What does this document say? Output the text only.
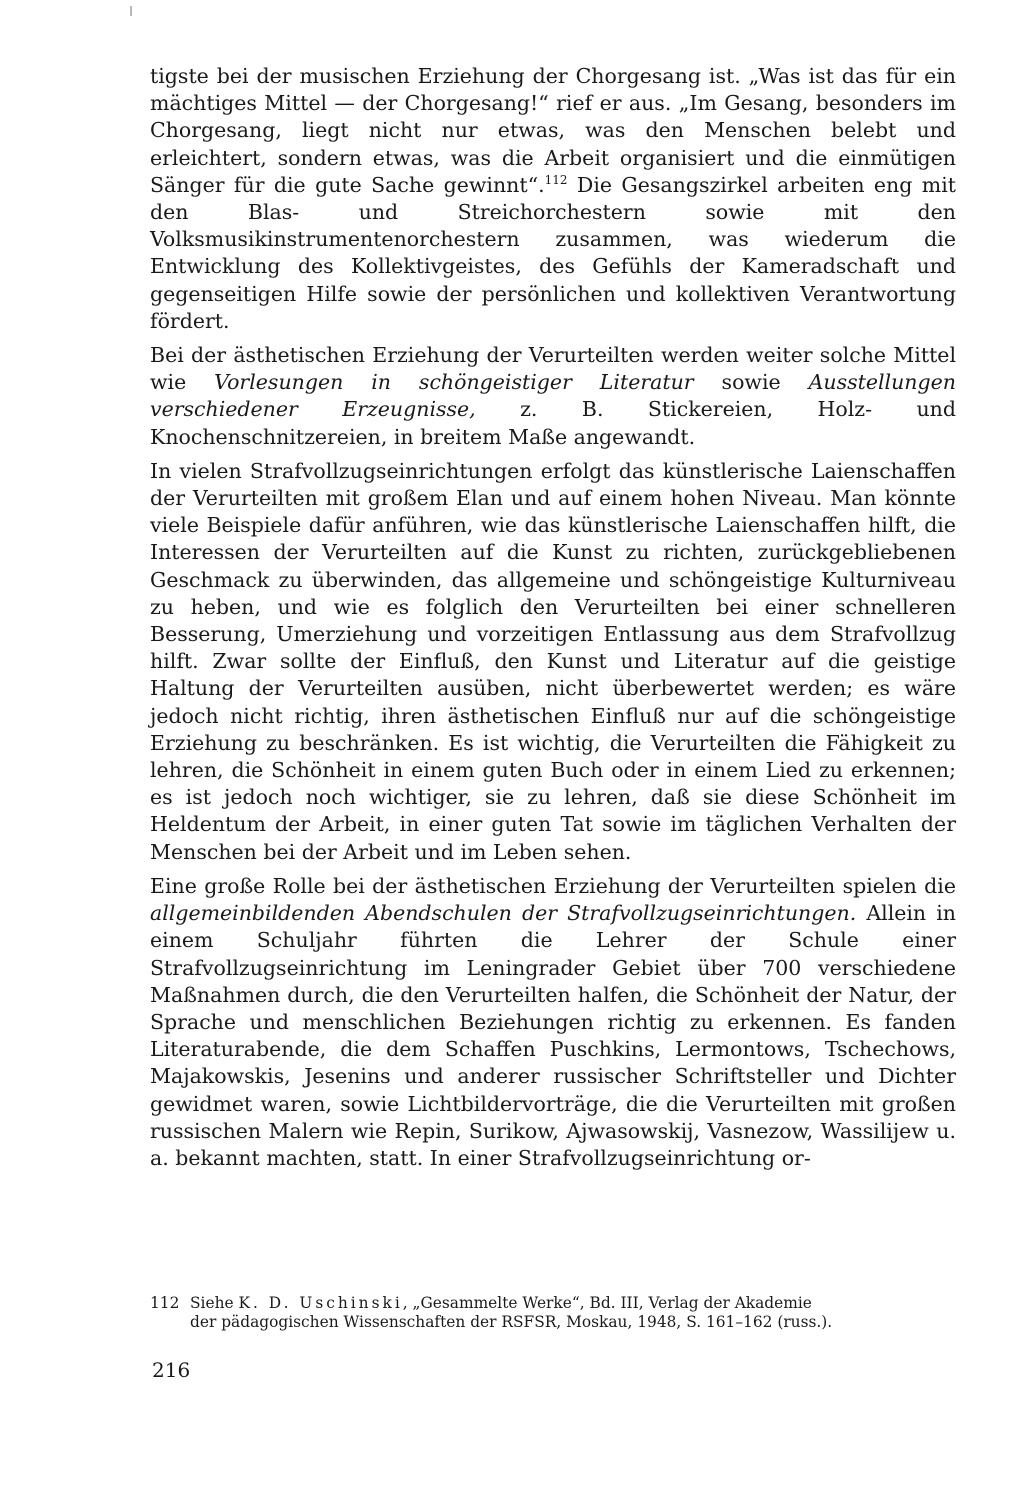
tigste bei der musischen Erziehung der Chorgesang ist. „Was ist das für ein mächtiges Mittel — der Chorgesang!“ rief er aus. „Im Gesang, besonders im Chorgesang, liegt nicht nur etwas, was den Menschen belebt und erleichtert, sondern etwas, was die Arbeit organisiert und die einmütigen Sänger für die gute Sache gewinnt“.$^{112}$ Die Gesangszirkel arbeiten eng mit den Blas- und Streichorchestern sowie mit den Volksmusikinstrumentenorchestern zusammen, was wiederum die Entwicklung des Kollektivgeistes, des Gefühls der Kameradschaft und gegenseitigen Hilfe sowie der persönlichen und kollektiven Verantwortung fördert.

Bei der ästhetischen Erziehung der Verurteilten werden weiter solche Mittel wie Vorlesungen in schöngeistiger Literatur sowie Ausstellungen verschiedener Erzeugnisse, z. B. Stickereien, Holz- und Knochenschnitzereien, in breitem Maße angewandt.

In vielen Strafvollzugseinrichtungen erfolgt das künstlerische Laienschaffen der Verurteilten mit großem Elan und auf einem hohen Niveau. Man könnte viele Beispiele dafür anführen, wie das künstlerische Laienschaffen hilft, die Interessen der Verurteilten auf die Kunst zu richten, zurückgebliebenen Geschmack zu überwinden, das allgemeine und schöngeistige Kulturniveau zu heben, und wie es folglich den Verurteilten bei einer schnelleren Besserung, Umerziehung und vorzeitigen Entlassung aus dem Strafvollzug hilft. Zwar sollte der Einfluß, den Kunst und Literatur auf die geistige Haltung der Verurteilten ausüben, nicht überbewertet werden; es wäre jedoch nicht richtig, ihren ästhetischen Einfluß nur auf die schöngeistige Erziehung zu beschränken. Es ist wichtig, die Verurteilten die Fähigkeit zu lehren, die Schönheit in einem guten Buch oder in einem Lied zu erkennen; es ist jedoch noch wichtiger, sie zu lehren, daß sie diese Schönheit im Heldentum der Arbeit, in einer guten Tat sowie im täglichen Verhalten der Menschen bei der Arbeit und im Leben sehen.

Eine große Rolle bei der ästhetischen Erziehung der Verurteilten spielen die allgemeinbildenden Abendschulen der Strafvollzugseinrichtungen. Allein in einem Schuljahr führten die Lehrer der Schule einer Strafvollzugseinrichtung im Leningrader Gebiet über 700 verschiedene Maßnahmen durch, die den Verurteilten halfen, die Schönheit der Natur, der Sprache und menschlichen Beziehungen richtig zu erkennen. Es fanden Literaturabende, die dem Schaffen Puschkins, Lermontows, Tschechows, Majakowskis, Jesenins und anderer russischer Schriftsteller und Dichter gewidmet waren, sowie Lichtbildervorträge, die die Verurteilten mit großen russischen Malern wie Repin, Surikow, Ajwasowskij, Vasnezow, Wassilijew u. a. bekannt machten, statt. In einer Strafvollzugseinrichtung or-

112 Siehe K. D. Uschinski, „Gesammelte Werke“, Bd. III, Verlag der Akademie
der pädagogischen Wissenschaften der RSFSR, Moskau, 1948, S. 161–162 (russ.).
216
